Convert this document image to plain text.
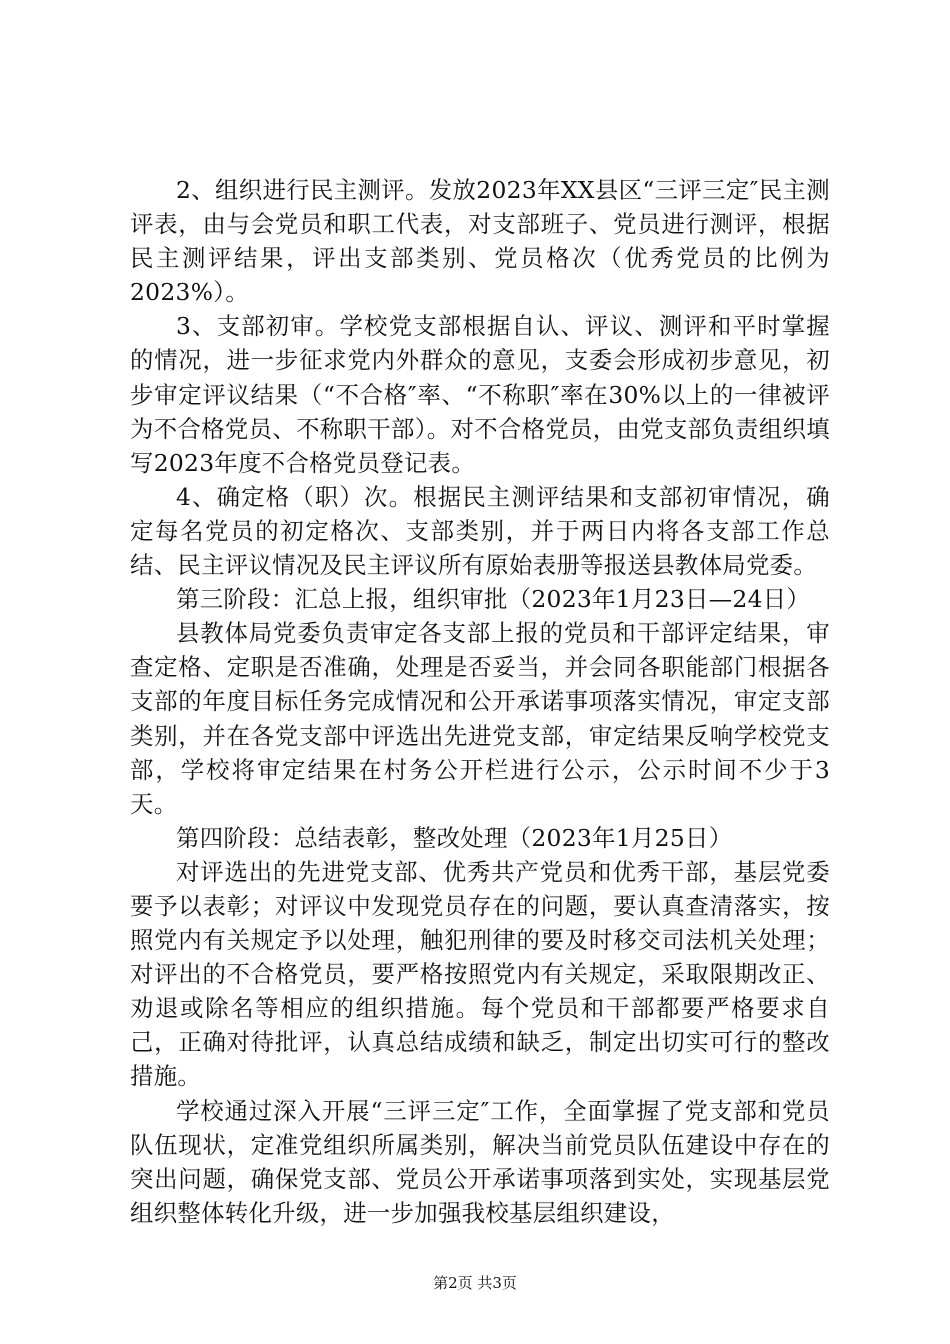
2、组织进行民主测评。发放2023年XX县区“三评三定″民主测评表，由与会党员和职工代表，对支部班子、党员进行测评，根据民主测评结果，评出支部类别、党员格次（优秀党员的比例为2023%）。

3、支部初审。学校党支部根据自认、评议、测评和平时掌握的情况，进一步征求党内外群众的意见，支委会形成初步意见，初步审定评议结果（“不合格″率、“不称职″率在30%以上的一律被评为不合格党员、不称职干部）。对不合格党员，由党支部负责组织填写2023年度不合格党员登记表。

4、确定格（职）次。根据民主测评结果和支部初审情况，确定每名党员的初定格次、支部类别，并于两日内将各支部工作总结、民主评议情况及民主评议所有原始表册等报送县教体局党委。

第三阶段：汇总上报，组织审批（2023年1月23日—24日）

县教体局党委负责审定各支部上报的党员和干部评定结果，审查定格、定职是否准确，处理是否妥当，并会同各职能部门根据各支部的年度目标任务完成情况和公开承诺事项落实情况，审定支部类别，并在各党支部中评选出先进党支部，审定结果反响学校党支部，学校将审定结果在村务公开栏进行公示，公示时间不少于3天。

第四阶段：总结表彰，整改处理（2023年1月25日）

对评选出的先进党支部、优秀共产党员和优秀干部，基层党委要予以表彰；对评议中发现党员存在的问题，要认真查清落实，按照党内有关规定予以处理，触犯刑律的要及时移交司法机关处理；对评出的不合格党员，要严格按照党内有关规定，采取限期改正、劝退或除名等相应的组织措施。每个党员和干部都要严格要求自己，正确对待批评，认真总结成绩和缺乏，制定出切实可行的整改措施。

学校通过深入开展“三评三定″工作，全面掌握了党支部和党员队伍现状，定准党组织所属类别，解决当前党员队伍建设中存在的突出问题，确保党支部、党员公开承诺事项落到实处，实现基层党组织整体转化升级，进一步加强我校基层组织建设，

第2页 共3页
